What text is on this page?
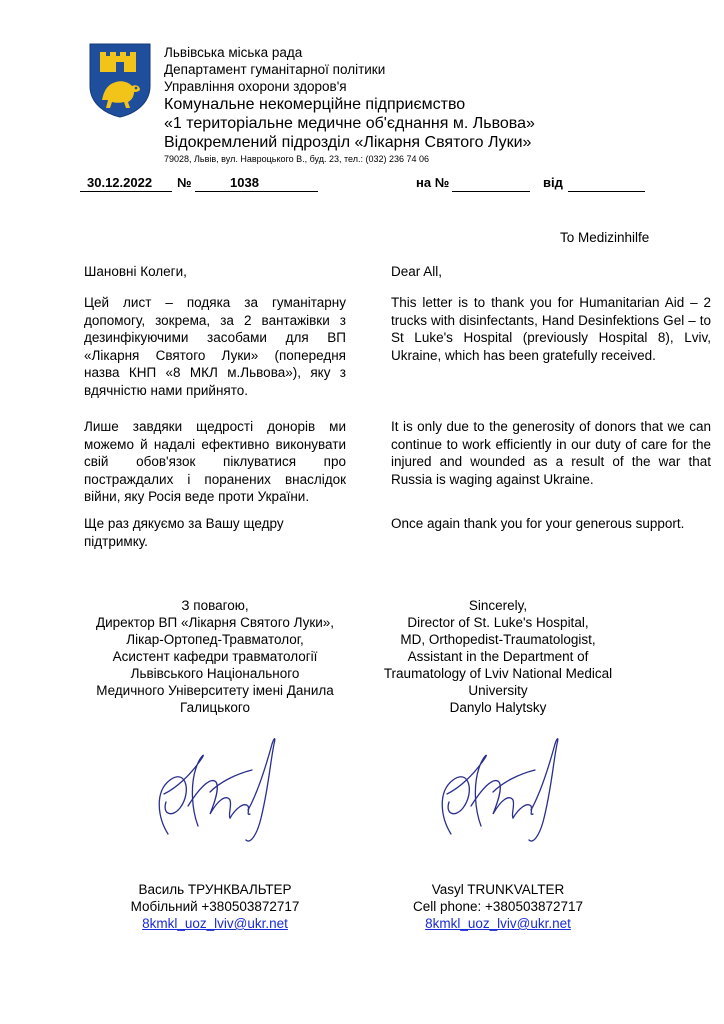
Львівська міська рада
Департамент гуманітарної політики
Управління охорони здоров'я
Комунальне некомерційне підприємство
«1 територіальне медичне об'єднання м. Львова»
Відокремлений підрозділ «Лікарня Святого Луки»
79028, Львів, вул. Навроцького В., буд. 23, тел.: (032) 236 74 06
30.12.2022 №	1038	на №	від
To Medizinhilfe
Шановні Колеги,
Цей лист – подяка за гуманітарну допомогу, зокрема, за 2 вантажівки з дезинфікуючими засобами для ВП «Лікарня Святого Луки» (попередня назва КНП «8 МКЛ м.Львова»), яку з вдячністю нами прийнято.
Лише завдяки щедрості донорів ми можемо й надалі ефективно виконувати свій обов'язок піклуватися про постраждалих і поранених внаслідок війни, яку Росія веде проти України.
Ще раз дякуємо за Вашу щедру підтримку.
Dear All,
This letter is to thank you for Humanitarian Aid – 2 trucks with disinfectants, Hand Desinfektions Gel – to St Luke's Hospital (previously Hospital 8), Lviv, Ukraine, which has been gratefully received.
It is only due to the generosity of donors that we can continue to work efficiently in our duty of care for the injured and wounded as a result of the war that Russia is waging against Ukraine.
Once again thank you for your generous support.
З повагою,
Директор ВП «Лікарня Святого Луки»,
Лікар-Ортопед-Травматолог,
Асистент кафедри травматології
Львівського Національного
Медичного Університету імені Данила
Галицького
Sincerely,
Director of St. Luke's Hospital,
MD, Orthopedist-Traumatologist,
Assistant in the Department of
Traumatology of Lviv National Medical
University
Danylo Halytsky
Василь ТРУНКВАЛЬТЕР
Мобільний +380503872717
8kmkl_uoz_lviv@ukr.net
Vasyl TRUNKVALTER
Cell phone: +380503872717
8kmkl_uoz_lviv@ukr.net
